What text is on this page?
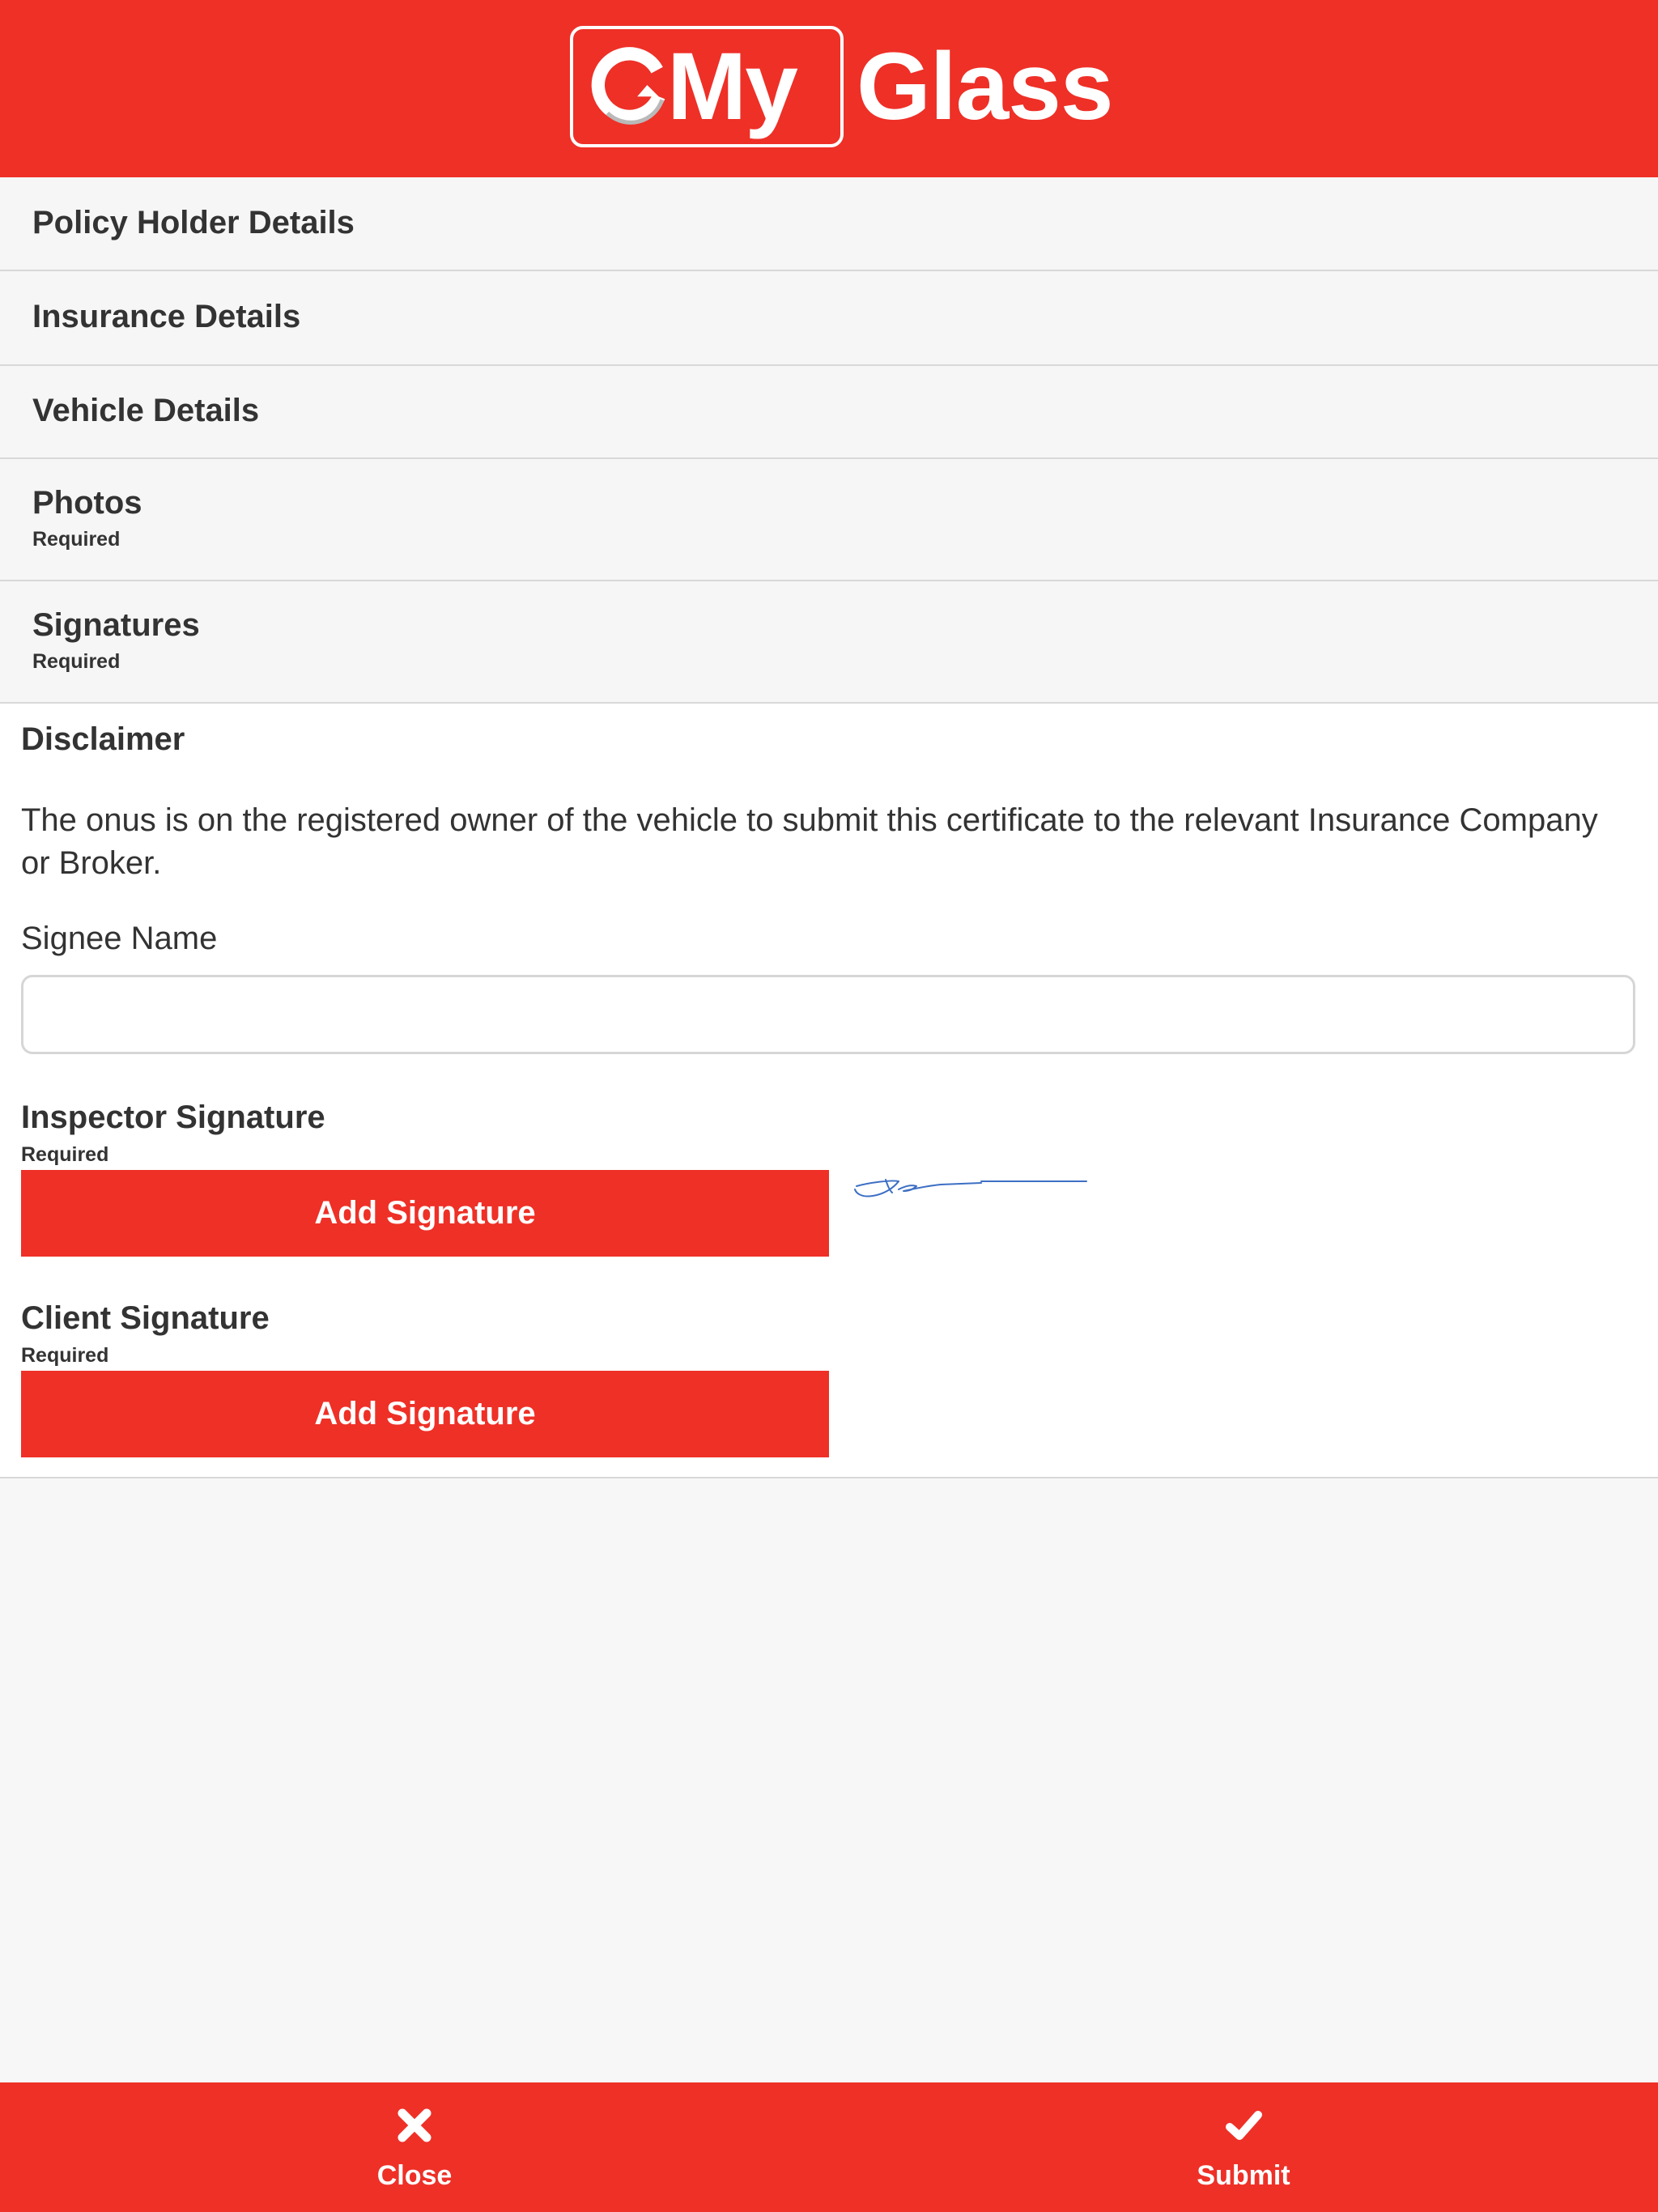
My Glass
Policy Holder Details
Insurance Details
Vehicle Details
Photos
Required
Signatures
Required
Disclaimer
The onus is on the registered owner of the vehicle to submit this certificate to the relevant Insurance Company or Broker.
Signee Name
Inspector Signature
Required
Add Signature
Client Signature
Required
Add Signature
Close	Submit
